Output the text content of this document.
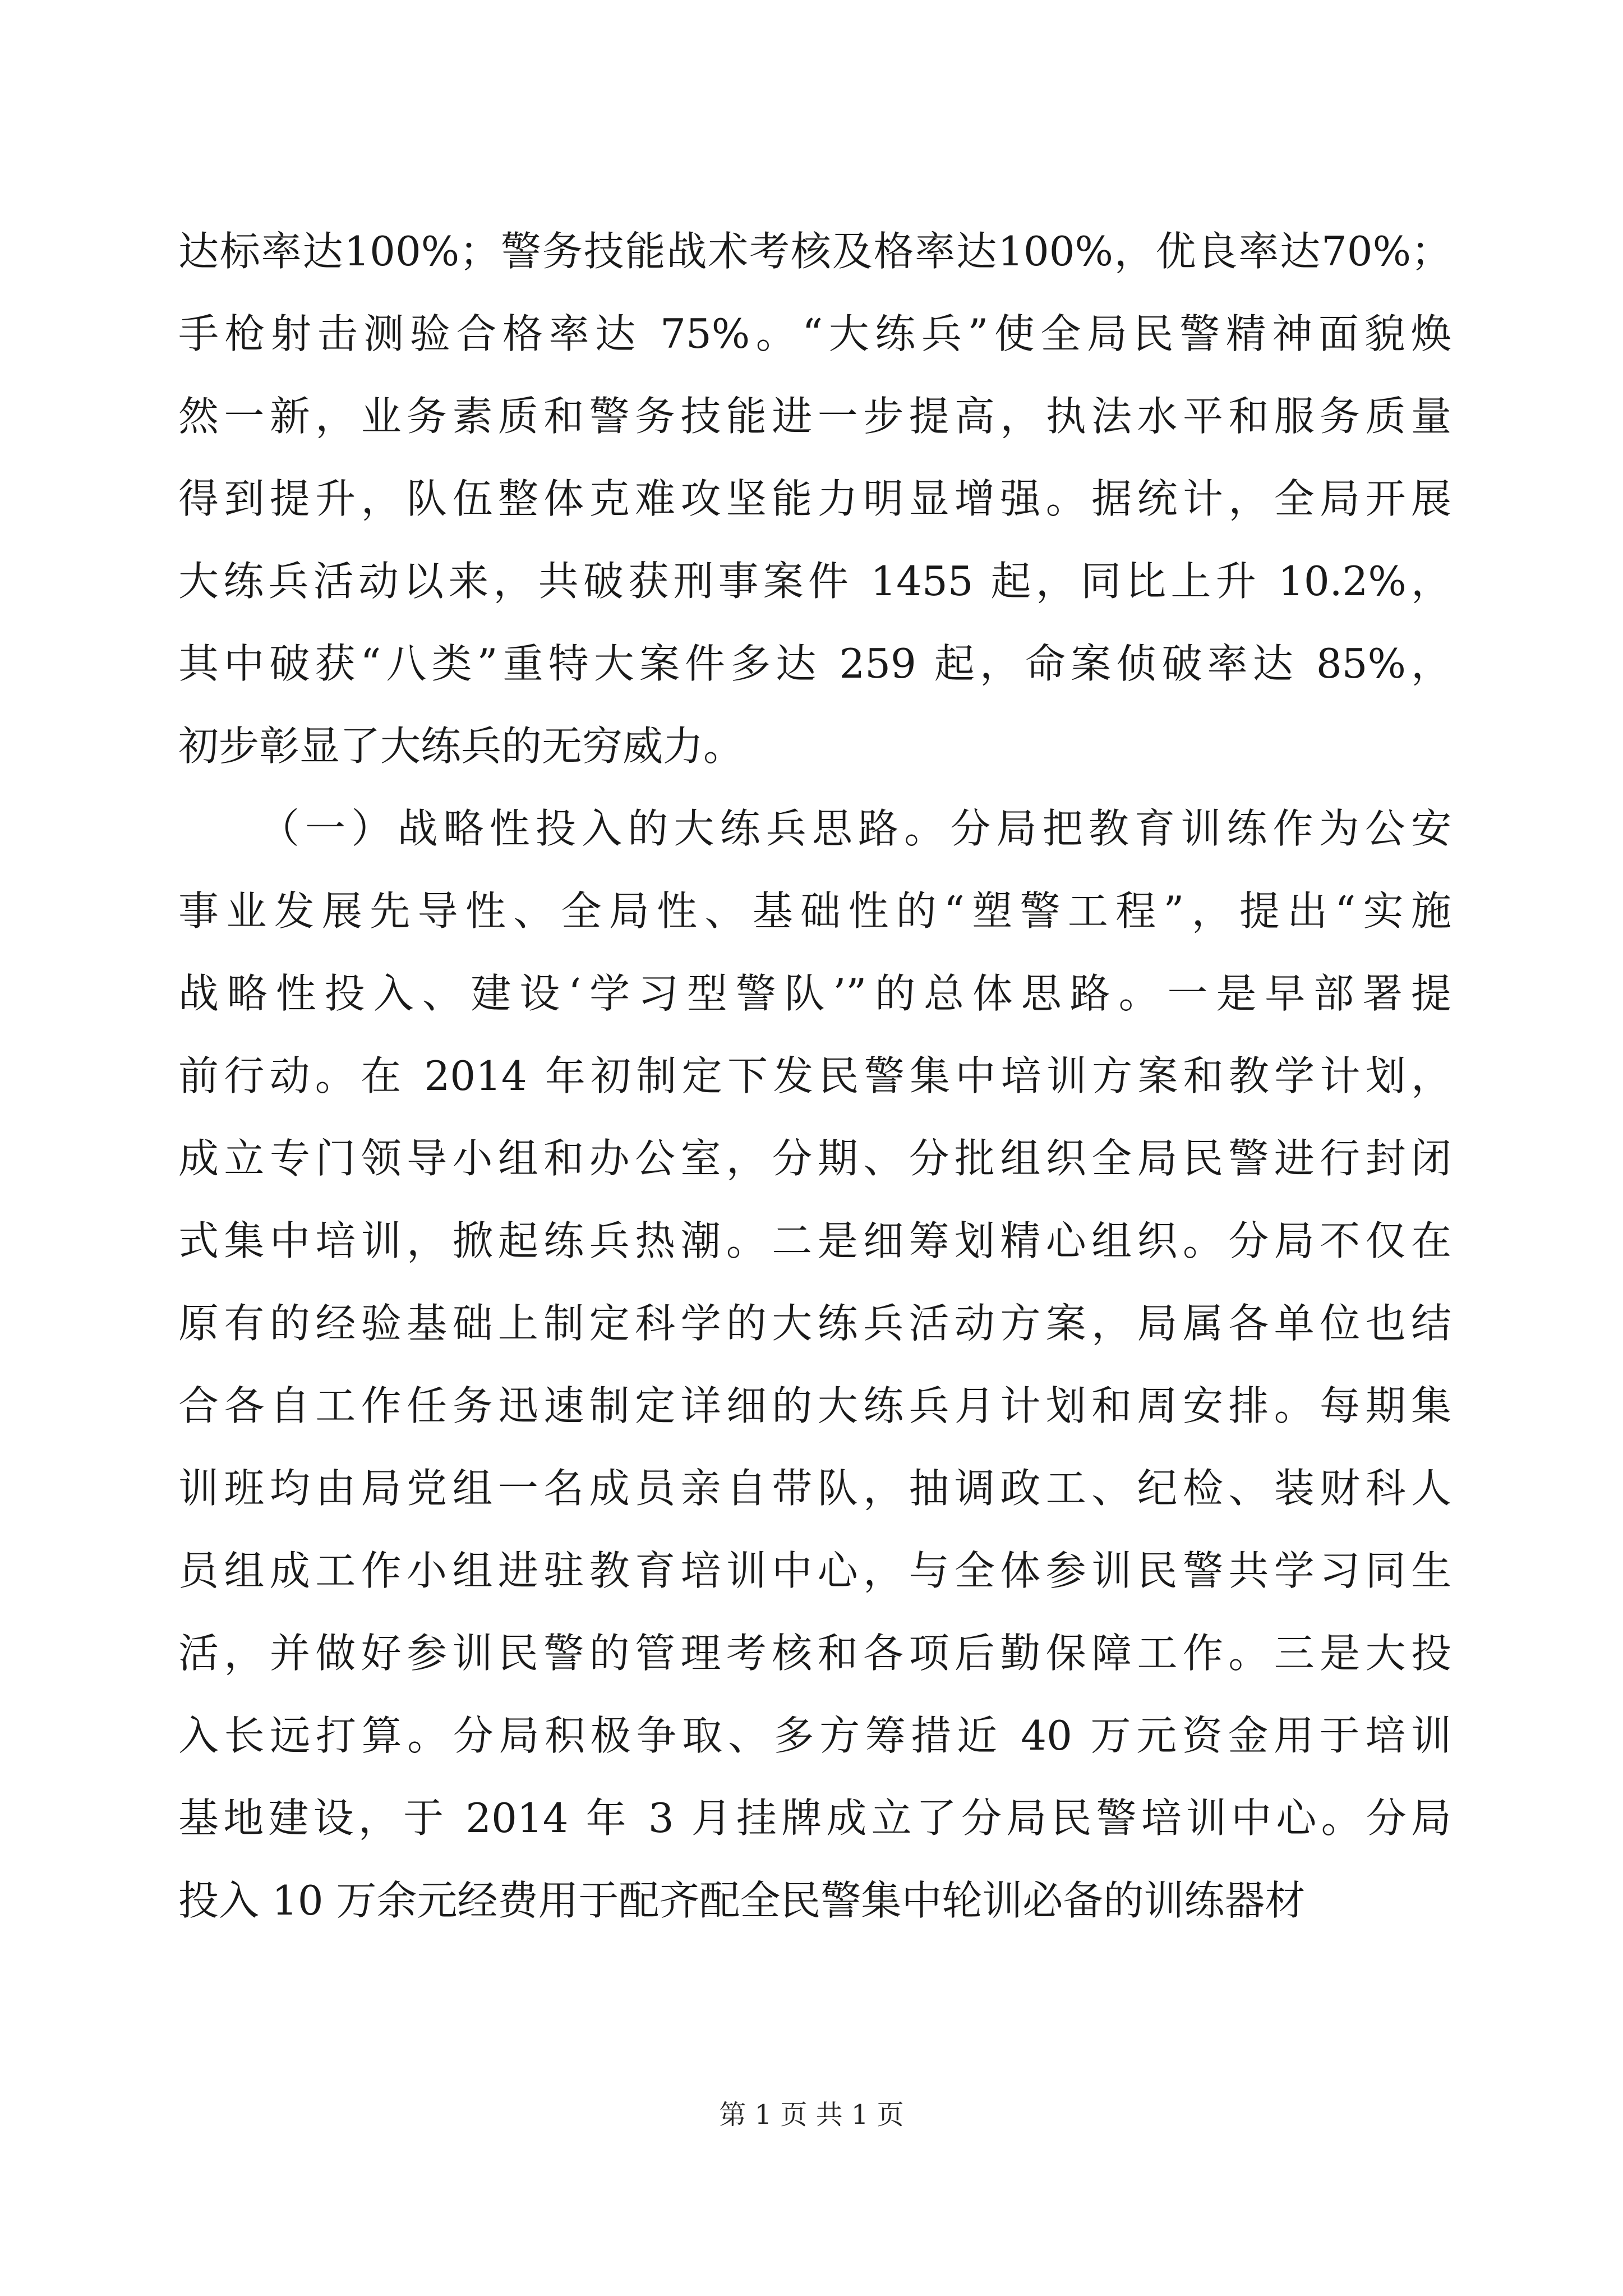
达标率达100%；警务技能战术考核及格率达100%，优良率达70%；
手枪射击测验合格率达 75%。“大练兵”使全局民警精神面貌焕
然一新，业务素质和警务技能进一步提高，执法水平和服务质量
得到提升，队伍整体克难攻坚能力明显增强。据统计，全局开展
大练兵活动以来，共破获刑事案件 1455 起，同比上升 10.2%，
其中破获“八类”重特大案件多达 259 起，命案侦破率达 85%，
初步彰显了大练兵的无穷威力。
（一）战略性投入的大练兵思路。分局把教育训练作为公安
事业发展先导性、全局性、基础性的“塑警工程”，提出“实施
战略性投入、建设‘学习型警队’”的总体思路。一是早部署提
前行动。在 2014 年初制定下发民警集中培训方案和教学计划，
成立专门领导小组和办公室，分期、分批组织全局民警进行封闭
式集中培训，掀起练兵热潮。二是细筹划精心组织。分局不仅在
原有的经验基础上制定科学的大练兵活动方案，局属各单位也结
合各自工作任务迅速制定详细的大练兵月计划和周安排。每期集
训班均由局党组一名成员亲自带队，抽调政工、纪检、装财科人
员组成工作小组进驻教育培训中心，与全体参训民警共学习同生
活，并做好参训民警的管理考核和各项后勤保障工作。三是大投
入长远打算。分局积极争取、多方筹措近 40 万元资金用于培训
基地建设，于 2014 年 3 月挂牌成立了分局民警培训中心。分局
投入 10 万余元经费用于配齐配全民警集中轮训必备的训练器材
第 1 页 共 1 页
